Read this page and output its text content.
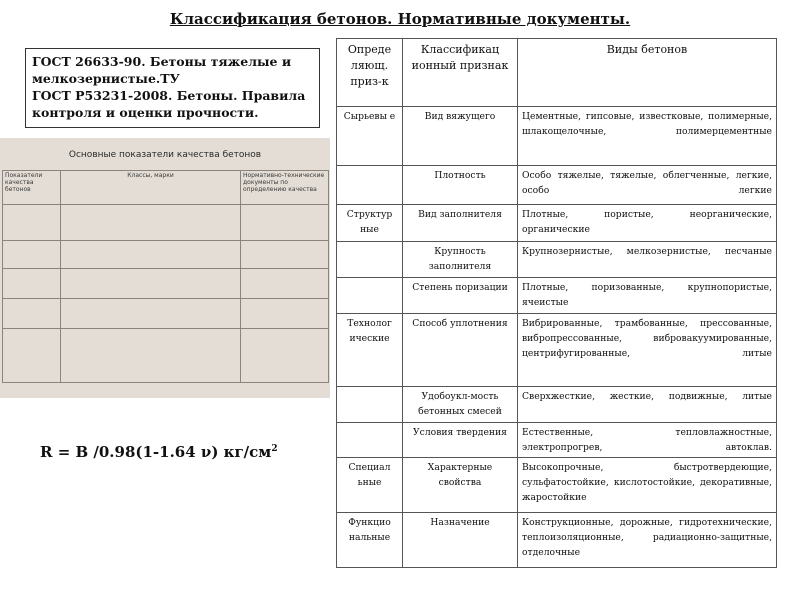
Классификация бетонов. Нормативные документы.
ГОСТ 26633-90. Бетоны тяжелые и
мелкозернистые.ТУ
ГОСТ Р53231-2008. Бетоны. Правила
контроля и оценки прочности.
Основные показатели качества бетонов
Показатели качества бетонов	Классы, марки	Нормативно-технические документы по определению качества

R = B /0.98(1-1.64 ν) $кг/см^2$
Опреде ляющ. приз-к	Классификац ионный признак	Виды бетонов
Сырьевы е	Вид вяжущего	Цементные, гипсовые, известковые, полимерные, шлакощелочные, полимерцементные
	Плотность	Особо тяжелые, тяжелые, облегченные, легкие, особо легкие
Структур ные	Вид заполнителя	Плотные, пористые, неорганические, органические
	Крупность заполнителя	Крупнозернистые, мелкозернистые, песчаные
	Степень поризации	Плотные, поризованные, крупнопористые, ячеистые
Технолог ические	Способ уплотнения	Вибрированные, трамбованные, прессованные, вибропрессованные, вибровакуумированные, центрифугированные, литые
	Удобоукл-мость бетонных смесей	Сверхжесткие, жесткие, подвижные, литые
	Условия твердения	Естественные, тепловлажностные, электропрогрев, автоклав.
Специал ьные	Характерные свойства	Высокопрочные, быстротвердеющие, сульфатостойкие, кислотостойкие, декоративные, жаростойкие
Функцио нальные	Назначение	Конструкционные, дорожные, гидротехнические, теплоизоляционные, радиационно-защитные, отделочные
